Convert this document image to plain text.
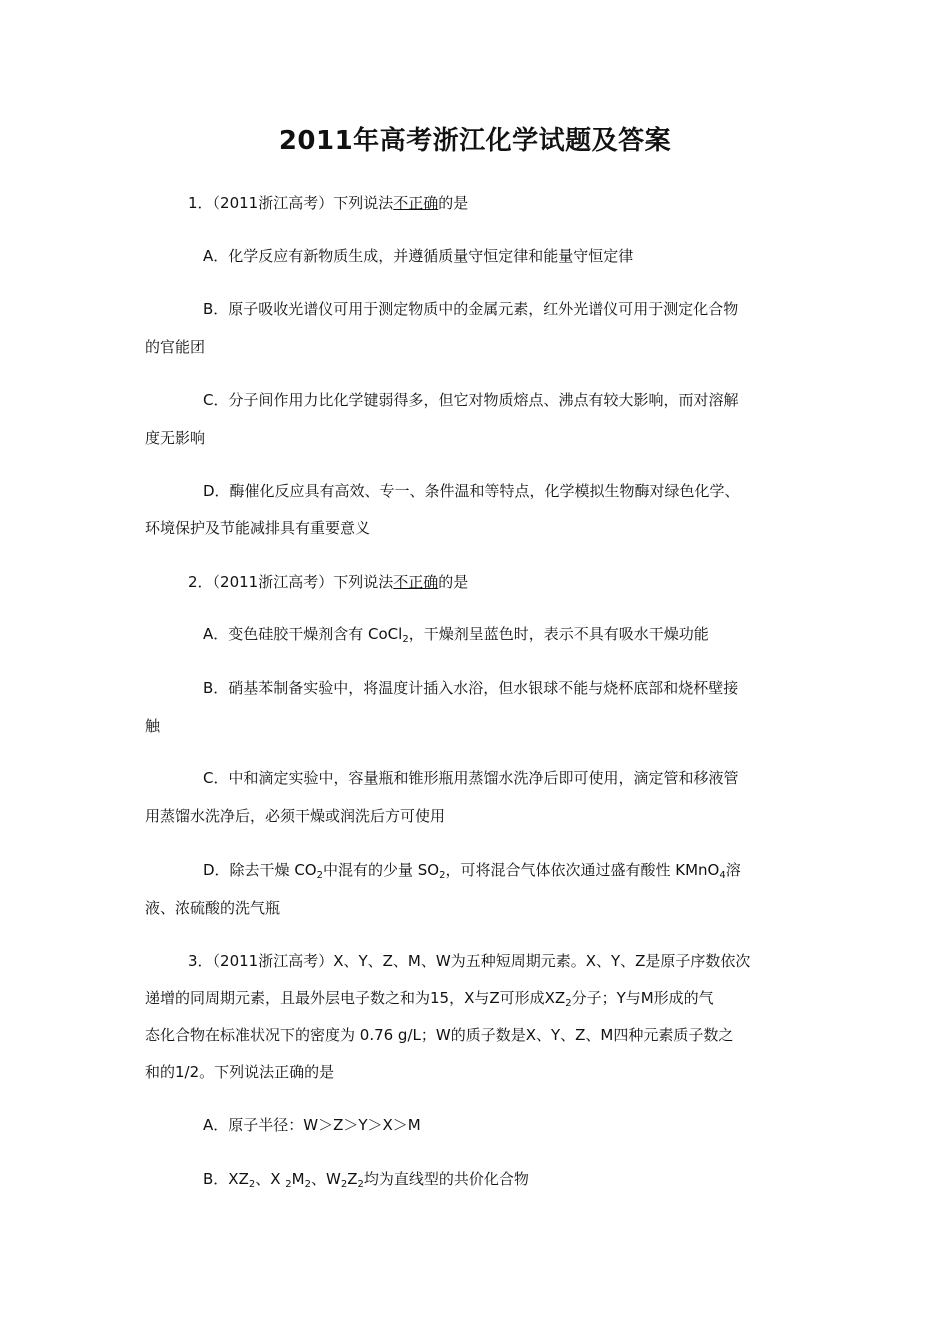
2011年高考浙江化学试题及答案
1．（2011浙江高考）下列说法不正确的是
A．化学反应有新物质生成，并遵循质量守恒定律和能量守恒定律
B．原子吸收光谱仪可用于测定物质中的金属元素，红外光谱仪可用于测定化合物
的官能团
C．分子间作用力比化学键弱得多，但它对物质熔点、沸点有较大影响，而对溶解
度无影响
D．酶催化反应具有高效、专一、条件温和等特点，化学模拟生物酶对绿色化学、
环境保护及节能减排具有重要意义
2．（2011浙江高考）下列说法不正确的是
A．变色硅胶干燥剂含有 CoCl$_2$，干燥剂呈蓝色时，表示不具有吸水干燥功能
B．硝基苯制备实验中，将温度计插入水浴，但水银球不能与烧杯底部和烧杯壁接
触
C．中和滴定实验中，容量瓶和锥形瓶用蒸馏水洗净后即可使用，滴定管和移液管
用蒸馏水洗净后，必须干燥或润洗后方可使用
D．除去干燥 $CO_2$中混有的少量 $SO_2$，可将混合气体依次通过盛有酸性 KMnO$_4$溶
液、浓硫酸的洗气瓶
3．（2011浙江高考）X、Y、Z、M、W为五种短周期元素。X、Y、Z是原子序数依次
递增的同周期元素，且最外层电子数之和为15，X与Z可形成$XZ_2$分子；Y与M形成的气
态化合物在标准状况下的密度为 0.76 g/L；W的质子数是X、Y、Z、M四种元素质子数之
和的1/2。下列说法正确的是
A．原子半径：W＞Z＞Y＞X＞M
B．$XZ_2$、X $_2M_2$、$W_2Z_2$均为直线型的共价化合物
